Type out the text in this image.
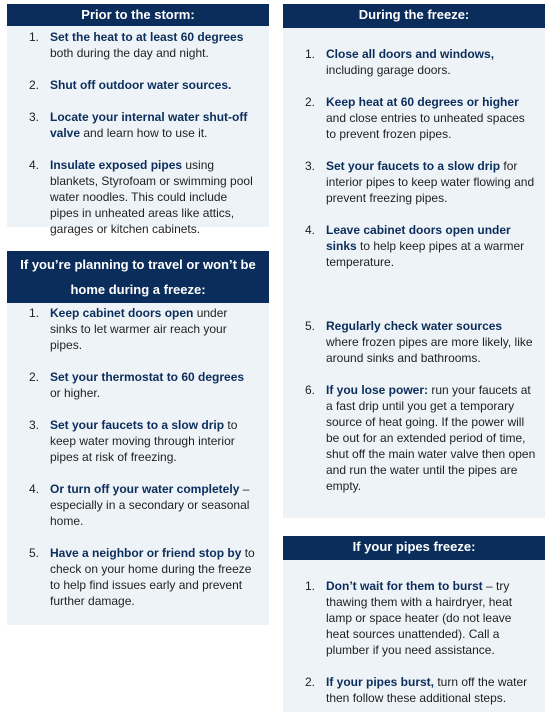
Prior to the storm:
1. Set the heat to at least 60 degrees both during the day and night.
2. Shut off outdoor water sources.
3. Locate your internal water shut-off valve and learn how to use it.
4. Insulate exposed pipes using blankets, Styrofoam or swimming pool water noodles. This could include pipes in unheated areas like attics, garages or kitchen cabinets.
If you’re planning to travel or won’t be
home during a freeze:
1. Keep cabinet doors open under sinks to let warmer air reach your pipes.
2. Set your thermostat to 60 degrees or higher.
3. Set your faucets to a slow drip to keep water moving through interior pipes at risk of freezing.
4. Or turn off your water completely – especially in a secondary or seasonal home.
5. Have a neighbor or friend stop by to check on your home during the freeze to help find issues early and prevent further damage.
During the freeze:
1. Close all doors and windows, including garage doors.
2. Keep heat at 60 degrees or higher and close entries to unheated spaces to prevent frozen pipes.
3. Set your faucets to a slow drip for interior pipes to keep water flowing and prevent freezing pipes.
4. Leave cabinet doors open under sinks to help keep pipes at a warmer temperature.
5. Regularly check water sources where frozen pipes are more likely, like around sinks and bathrooms.
6. If you lose power: run your faucets at a fast drip until you get a temporary source of heat going. If the power will be out for an extended period of time, shut off the main water valve then open and run the water until the pipes are empty.
If your pipes freeze:
1. Don’t wait for them to burst – try thawing them with a hairdryer, heat lamp or space heater (do not leave heat sources unattended). Call a plumber if you need assistance.
2. If your pipes burst, turn off the water then follow these additional steps.
